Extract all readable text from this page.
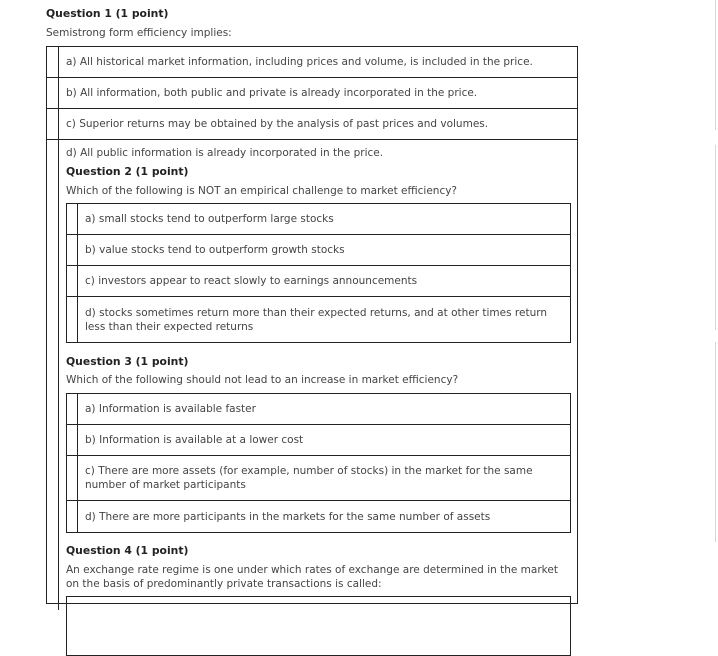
Question 1 (1 point)
Semistrong form efficiency implies:
a) All historical market information, including prices and volume, is included in the price.
b) All information, both public and private is already incorporated in the price.
c) Superior returns may be obtained by the analysis of past prices and volumes.
d) All public information is already incorporated in the price.
Question 2 (1 point)
Which of the following is NOT an empirical challenge to market efficiency?
a) small stocks tend to outperform large stocks
b) value stocks tend to outperform growth stocks
c) investors appear to react slowly to earnings announcements
d) stocks sometimes return more than their expected returns, and at other times return less than their expected returns
Question 3 (1 point)
Which of the following should not lead to an increase in market efficiency?
a) Information is available faster
b) Information is available at a lower cost
c) There are more assets (for example, number of stocks) in the market for the same number of market participants
d) There are more participants in the markets for the same number of assets
Question 4 (1 point)
An exchange rate regime is one under which rates of exchange are determined in the market on the basis of predominantly private transactions is called:
